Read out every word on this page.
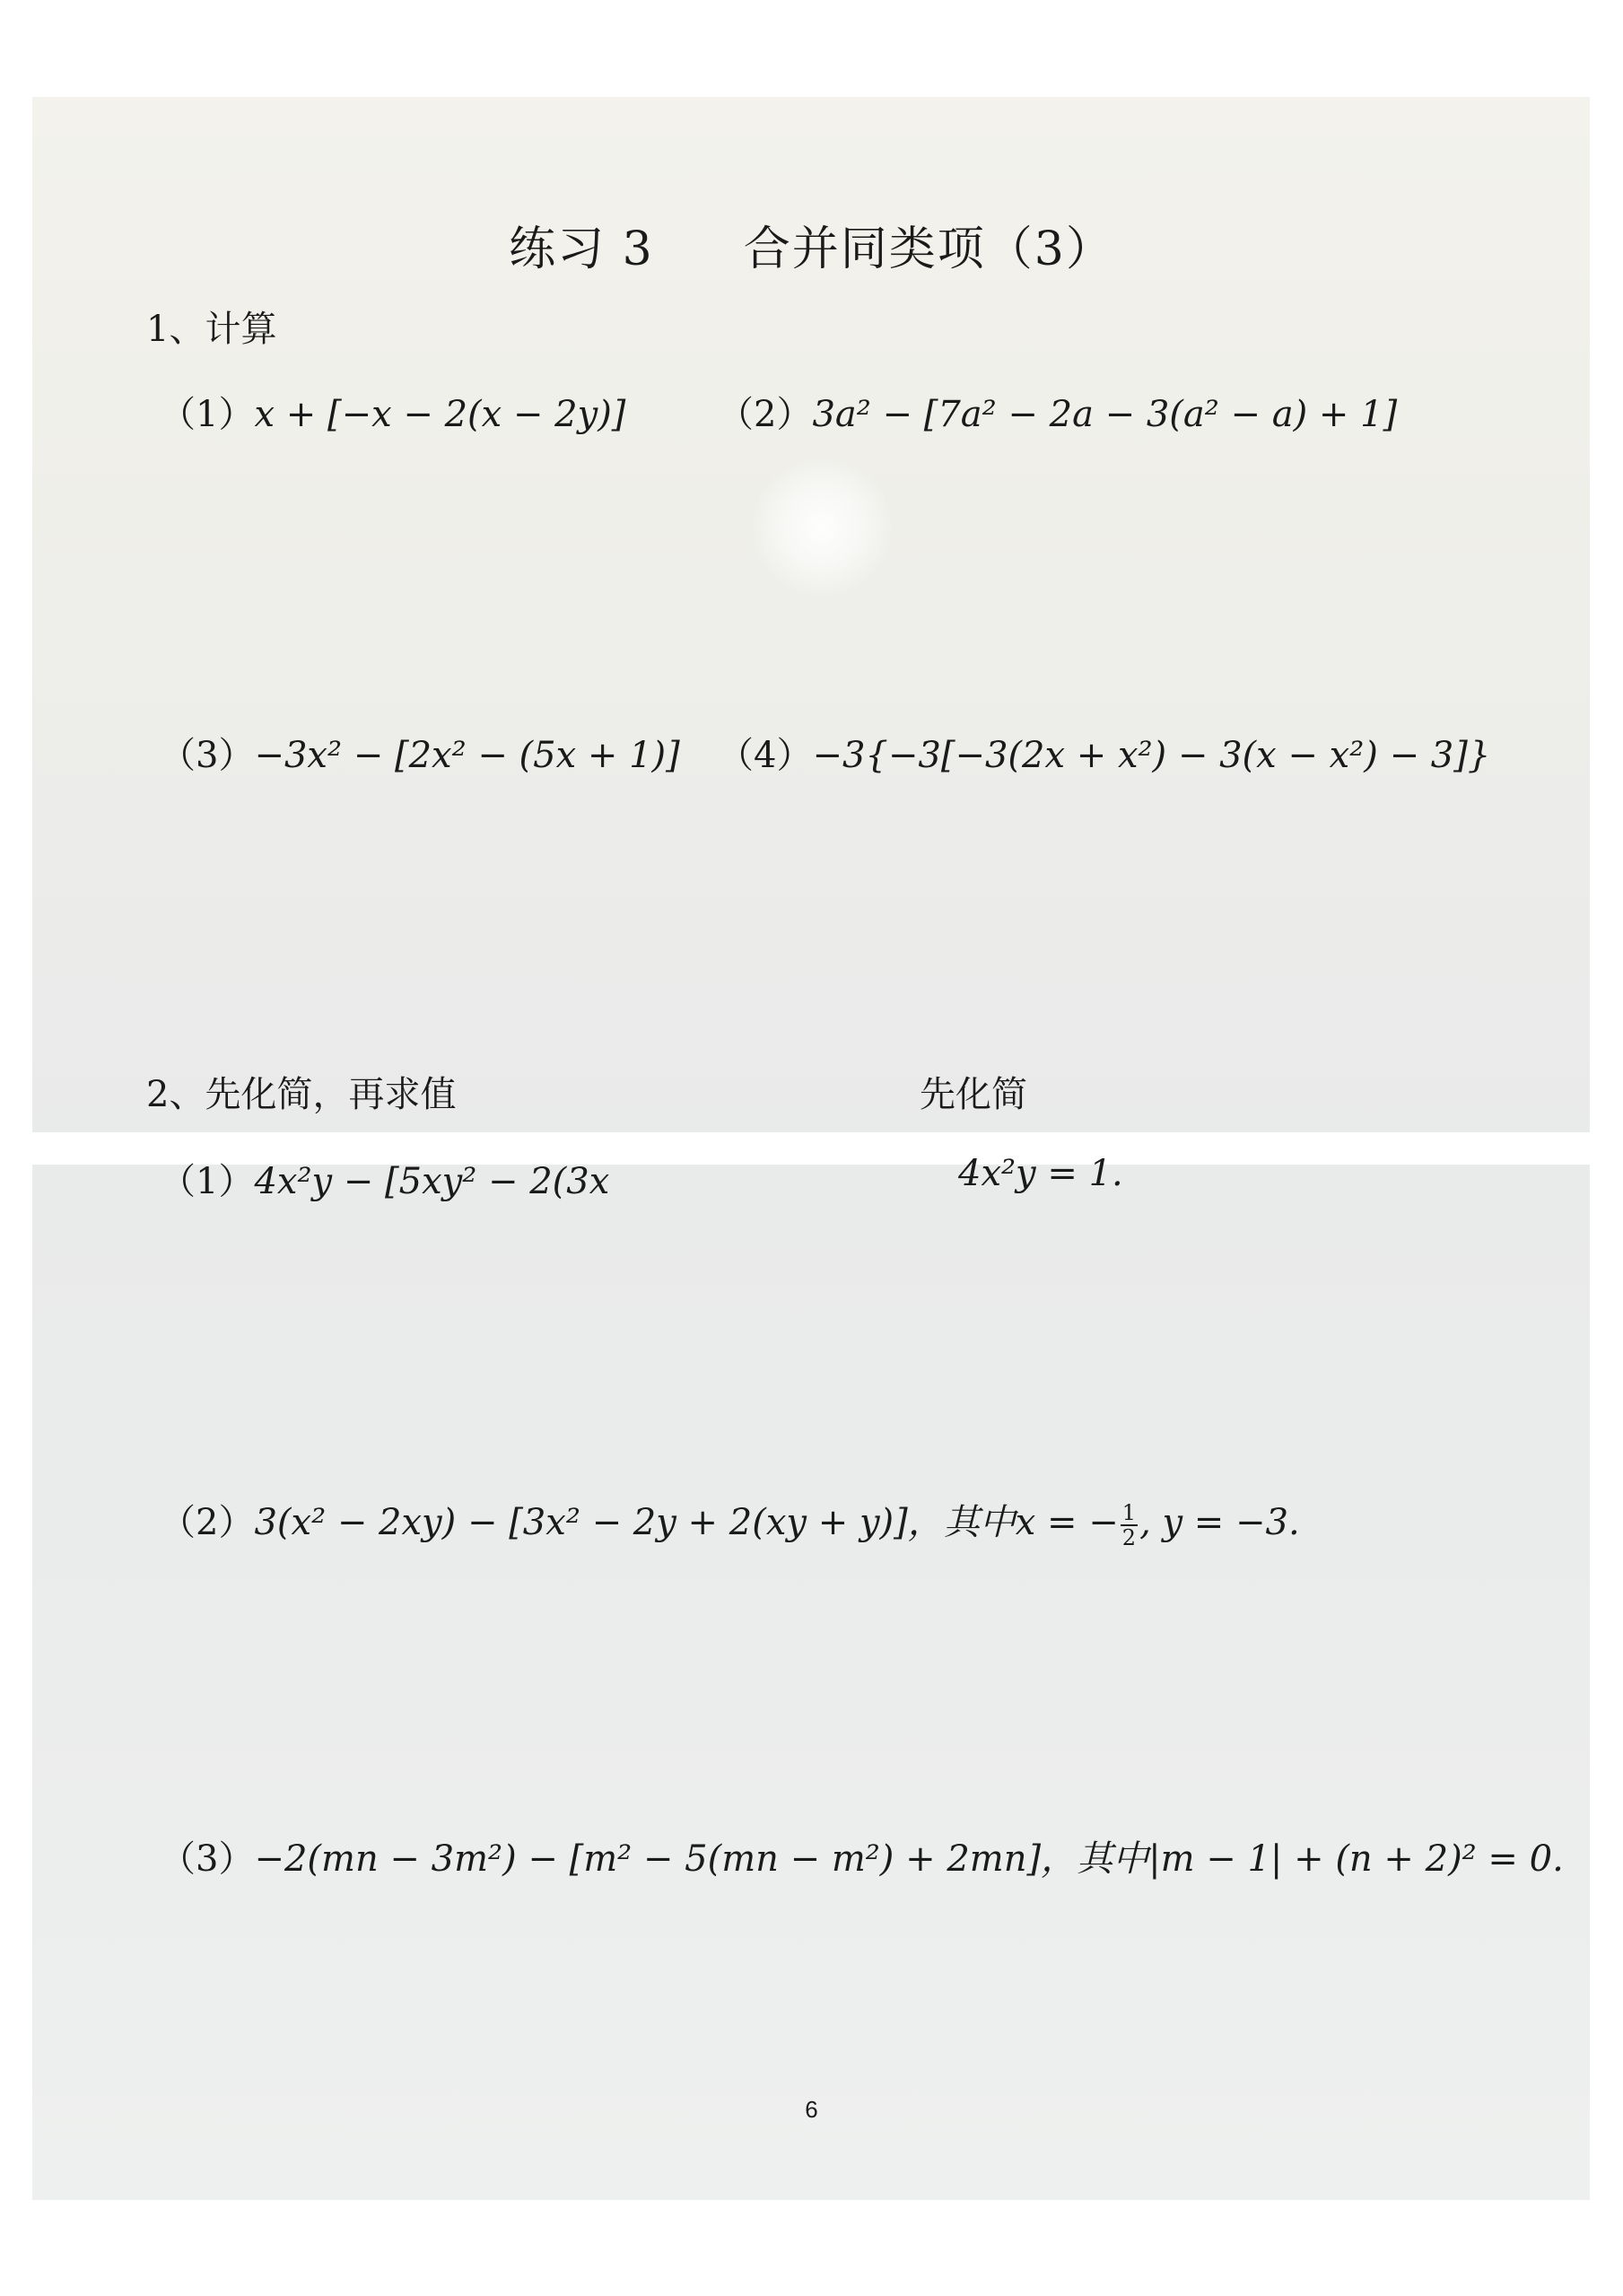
练习 3 合并同类项（3）
1、计算
（1）x + [−x − 2(x − 2y)]	（2）3a² − [7a² − 2a − 3(a² − a) + 1]
（3）−3x² − [2x² − (5x + 1)] （4）−3{−3[−3(2x + x²) − 3(x − x²) − 3]}
2、先化简，再求值	先化简
（1）4x²y − [5xy² − 2(3x	4x²y = 1.
（2）3(x² − 2xy) − [3x² − 2y + 2(xy + y)]，其中x = − $\frac{1}{2}$ , y = −3.
（3）−2(mn − 3m²) − [m² − 5(mn − m²) + 2mn]，其中|m − 1| + (n + 2)² = 0.
6
